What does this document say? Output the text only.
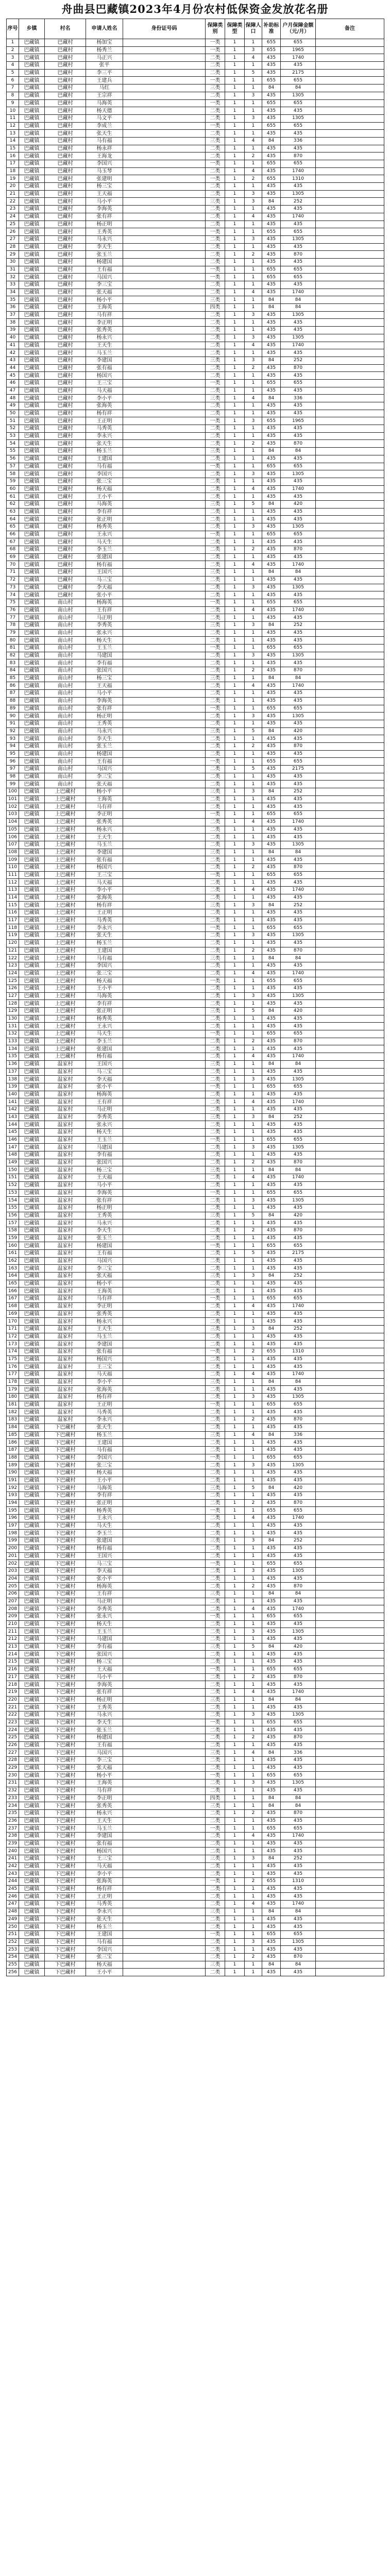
舟曲县巴藏镇2023年4月份农村低保资金发放花名册
序号	乡镇	村名	申请人姓名	身份证号码	保障类别	保障类型	保障人口	补助标准	户月保障金额（元/月）	备注
1	巴藏镇	巴藏村	杨加宝		一类	1	1	655	655	
2	巴藏镇	巴藏村	杨秀兰		一类	1	3	655	1965	
3	巴藏镇	巴藏村	马正兴		二类	1	4	435	1740	
4	巴藏镇	巴藏村	张平		二类	1	1	435	435	
5	巴藏镇	巴藏村	李三平		二类	1	5	435	2175	
6	巴藏镇	巴藏村	王建兵		一类	1	1	655	655	
7	巴藏镇	巴藏村	马红		三类	1	1	84	84	
8	巴藏镇	巴藏村	王宗祥		二类	1	3	435	1305	
9	巴藏镇	巴藏村	马海英		一类	1	1	655	655	
10	巴藏镇	巴藏村	杨天德		二类	1	1	435	435	
11	巴藏镇	巴藏村	马文平		二类	1	3	435	1305	
12	巴藏镇	巴藏村	李成兰		一类	1	1	655	655	
13	巴藏镇	巴藏村	张天生		二类	1	1	435	435	
14	巴藏镇	巴藏村	马有福		三类	1	4	84	336	
15	巴藏镇	巴藏村	杨永祥		二类	1	1	435	435	
16	巴藏镇	巴藏村	王海龙		二类	1	2	435	870	
17	巴藏镇	巴藏村	李国兴		一类	1	1	655	655	
18	巴藏镇	巴藏村	马玉琴		二类	1	4	435	1740	
19	巴藏镇	巴藏村	张建明		一类	1	2	655	1310	
20	巴藏镇	巴藏村	杨三宝		二类	1	1	435	435	
21	巴藏镇	巴藏村	王天福		二类	1	3	435	1305	
22	巴藏镇	巴藏村	马小平		三类	1	3	84	252	
23	巴藏镇	巴藏村	李海英		二类	1	1	435	435	
24	巴藏镇	巴藏村	张有祥		二类	1	4	435	1740	
25	巴藏镇	巴藏村	杨正明		二类	1	1	435	435	
26	巴藏镇	巴藏村	王秀英		一类	1	1	655	655	
27	巴藏镇	巴藏村	马永兴		二类	1	3	435	1305	
28	巴藏镇	巴藏村	李天生		二类	1	1	435	435	
29	巴藏镇	巴藏村	张玉兰		二类	1	2	435	870	
30	巴藏镇	巴藏村	杨建国		二类	1	1	435	435	
31	巴藏镇	巴藏村	王有福		一类	1	1	655	655	
32	巴藏镇	巴藏村	马国兴		一类	1	1	655	655	
33	巴藏镇	巴藏村	李三宝		二类	1	1	435	435	
34	巴藏镇	巴藏村	张天福		二类	1	4	435	1740	
35	巴藏镇	巴藏村	杨小平		三类	1	1	84	84	
36	巴藏镇	巴藏村	王海英		四类	1	1	84	84	
37	巴藏镇	巴藏村	马有祥		二类	1	3	435	1305	
38	巴藏镇	巴藏村	李正明		二类	1	1	435	435	
39	巴藏镇	巴藏村	张秀英		二类	1	1	435	435	
40	巴藏镇	巴藏村	杨永兴		二类	1	3	435	1305	
41	巴藏镇	巴藏村	王天生		二类	1	4	435	1740	
42	巴藏镇	巴藏村	马玉兰		二类	1	1	435	435	
43	巴藏镇	巴藏村	李建国		三类	1	3	84	252	
44	巴藏镇	巴藏村	张有福		二类	1	2	435	870	
45	巴藏镇	巴藏村	杨国兴		二类	1	1	435	435	
46	巴藏镇	巴藏村	王三宝		一类	1	1	655	655	
47	巴藏镇	巴藏村	马天福		二类	1	1	435	435	
48	巴藏镇	巴藏村	李小平		三类	1	4	84	336	
49	巴藏镇	巴藏村	张海英		二类	1	1	435	435	
50	巴藏镇	巴藏村	杨有祥		二类	1	1	435	435	
51	巴藏镇	巴藏村	王正明		一类	1	3	655	1965	
52	巴藏镇	巴藏村	马秀英		二类	1	1	435	435	
53	巴藏镇	巴藏村	李永兴		二类	1	1	435	435	
54	巴藏镇	巴藏村	张天生		二类	1	2	435	870	
55	巴藏镇	巴藏村	杨玉兰		三类	1	1	84	84	
56	巴藏镇	巴藏村	王建国		二类	1	1	435	435	
57	巴藏镇	巴藏村	马有福		一类	1	1	655	655	
58	巴藏镇	巴藏村	李国兴		二类	1	3	435	1305	
59	巴藏镇	巴藏村	张三宝		二类	1	1	435	435	
60	巴藏镇	巴藏村	杨天福		二类	1	4	435	1740	
61	巴藏镇	巴藏村	王小平		二类	1	1	435	435	
62	巴藏镇	巴藏村	马海英		三类	1	5	84	420	
63	巴藏镇	巴藏村	李有祥		二类	1	1	435	435	
64	巴藏镇	巴藏村	张正明		二类	1	1	435	435	
65	巴藏镇	巴藏村	杨秀英		二类	1	3	435	1305	
66	巴藏镇	巴藏村	王永兴		一类	1	1	655	655	
67	巴藏镇	巴藏村	马天生		二类	1	1	435	435	
68	巴藏镇	巴藏村	李玉兰		二类	1	2	435	870	
69	巴藏镇	巴藏村	张建国		二类	1	1	435	435	
70	巴藏镇	巴藏村	杨有福		二类	1	4	435	1740	
71	巴藏镇	巴藏村	王国兴		三类	1	1	84	84	
72	巴藏镇	巴藏村	马三宝		二类	1	1	435	435	
73	巴藏镇	巴藏村	李天福		二类	1	3	435	1305	
74	巴藏镇	巴藏村	张小平		二类	1	1	435	435	
75	巴藏镇	南山村	杨海英		一类	1	1	655	655	
76	巴藏镇	南山村	王有祥		二类	1	4	435	1740	
77	巴藏镇	南山村	马正明		二类	1	1	435	435	
78	巴藏镇	南山村	李秀英		三类	1	3	84	252	
79	巴藏镇	南山村	张永兴		二类	1	1	435	435	
80	巴藏镇	南山村	杨天生		二类	1	1	435	435	
81	巴藏镇	南山村	王玉兰		一类	1	1	655	655	
82	巴藏镇	南山村	马建国		二类	1	3	435	1305	
83	巴藏镇	南山村	李有福		二类	1	1	435	435	
84	巴藏镇	南山村	张国兴		二类	1	2	435	870	
85	巴藏镇	南山村	杨三宝		三类	1	1	84	84	
86	巴藏镇	南山村	王天福		二类	1	4	435	1740	
87	巴藏镇	南山村	马小平		二类	1	1	435	435	
88	巴藏镇	南山村	李海英		二类	1	1	435	435	
89	巴藏镇	南山村	张有祥		一类	1	1	655	655	
90	巴藏镇	南山村	杨正明		二类	1	3	435	1305	
91	巴藏镇	南山村	王秀英		二类	1	1	435	435	
92	巴藏镇	南山村	马永兴		三类	1	5	84	420	
93	巴藏镇	南山村	李天生		二类	1	1	435	435	
94	巴藏镇	南山村	张玉兰		二类	1	2	435	870	
95	巴藏镇	南山村	杨建国		二类	1	1	435	435	
96	巴藏镇	南山村	王有福		一类	1	1	655	655	
97	巴藏镇	南山村	马国兴		二类	1	5	435	2175	
98	巴藏镇	南山村	李三宝		二类	1	1	435	435	
99	巴藏镇	南山村	张天福		二类	1	1	435	435	
100	巴藏镇	上巴藏村	杨小平		三类	1	3	84	252	
101	巴藏镇	上巴藏村	王海英		二类	1	1	435	435	
102	巴藏镇	上巴藏村	马有祥		二类	1	1	435	435	
103	巴藏镇	上巴藏村	李正明		一类	1	1	655	655	
104	巴藏镇	上巴藏村	张秀英		二类	1	4	435	1740	
105	巴藏镇	上巴藏村	杨永兴		二类	1	1	435	435	
106	巴藏镇	上巴藏村	王天生		二类	1	1	435	435	
107	巴藏镇	上巴藏村	马玉兰		二类	1	3	435	1305	
108	巴藏镇	上巴藏村	李建国		三类	1	1	84	84	
109	巴藏镇	上巴藏村	张有福		二类	1	1	435	435	
110	巴藏镇	上巴藏村	杨国兴		二类	1	2	435	870	
111	巴藏镇	上巴藏村	王三宝		一类	1	1	655	655	
112	巴藏镇	上巴藏村	马天福		二类	1	1	435	435	
113	巴藏镇	上巴藏村	李小平		二类	1	4	435	1740	
114	巴藏镇	上巴藏村	张海英		二类	1	1	435	435	
115	巴藏镇	上巴藏村	杨有祥		三类	1	3	84	252	
116	巴藏镇	上巴藏村	王正明		二类	1	1	435	435	
117	巴藏镇	上巴藏村	马秀英		二类	1	1	435	435	
118	巴藏镇	上巴藏村	李永兴		一类	1	1	655	655	
119	巴藏镇	上巴藏村	张天生		二类	1	3	435	1305	
120	巴藏镇	上巴藏村	杨玉兰		二类	1	1	435	435	
121	巴藏镇	上巴藏村	王建国		二类	1	2	435	870	
122	巴藏镇	上巴藏村	马有福		三类	1	1	84	84	
123	巴藏镇	上巴藏村	李国兴		二类	1	1	435	435	
124	巴藏镇	上巴藏村	张三宝		二类	1	4	435	1740	
125	巴藏镇	上巴藏村	杨天福		一类	1	1	655	655	
126	巴藏镇	上巴藏村	王小平		二类	1	1	435	435	
127	巴藏镇	上巴藏村	马海英		二类	1	3	435	1305	
128	巴藏镇	上巴藏村	李有祥		二类	1	1	435	435	
129	巴藏镇	上巴藏村	张正明		三类	1	5	84	420	
130	巴藏镇	上巴藏村	杨秀英		二类	1	1	435	435	
131	巴藏镇	上巴藏村	王永兴		二类	1	1	435	435	
132	巴藏镇	上巴藏村	马天生		一类	1	1	655	655	
133	巴藏镇	上巴藏村	李玉兰		二类	1	2	435	870	
134	巴藏镇	上巴藏村	张建国		二类	1	1	435	435	
135	巴藏镇	上巴藏村	杨有福		二类	1	4	435	1740	
136	巴藏镇	温家村	王国兴		三类	1	1	84	84	
137	巴藏镇	温家村	马三宝		二类	1	1	435	435	
138	巴藏镇	温家村	李天福		二类	1	3	435	1305	
139	巴藏镇	温家村	张小平		一类	1	1	655	655	
140	巴藏镇	温家村	杨海英		二类	1	1	435	435	
141	巴藏镇	温家村	王有祥		二类	1	4	435	1740	
142	巴藏镇	温家村	马正明		二类	1	1	435	435	
143	巴藏镇	温家村	李秀英		三类	1	3	84	252	
144	巴藏镇	温家村	张永兴		二类	1	1	435	435	
145	巴藏镇	温家村	杨天生		二类	1	1	435	435	
146	巴藏镇	温家村	王玉兰		一类	1	1	655	655	
147	巴藏镇	温家村	马建国		二类	1	3	435	1305	
148	巴藏镇	温家村	李有福		二类	1	1	435	435	
149	巴藏镇	温家村	张国兴		二类	1	2	435	870	
150	巴藏镇	温家村	杨三宝		三类	1	1	84	84	
151	巴藏镇	温家村	王天福		二类	1	4	435	1740	
152	巴藏镇	温家村	马小平		二类	1	1	435	435	
153	巴藏镇	温家村	李海英		一类	1	1	655	655	
154	巴藏镇	温家村	张有祥		二类	1	3	435	1305	
155	巴藏镇	温家村	杨正明		二类	1	1	435	435	
156	巴藏镇	温家村	王秀英		三类	1	5	84	420	
157	巴藏镇	温家村	马永兴		二类	1	1	435	435	
158	巴藏镇	温家村	李天生		二类	1	2	435	870	
159	巴藏镇	温家村	张玉兰		二类	1	1	435	435	
160	巴藏镇	温家村	杨建国		一类	1	1	655	655	
161	巴藏镇	温家村	王有福		二类	1	5	435	2175	
162	巴藏镇	温家村	马国兴		二类	1	1	435	435	
163	巴藏镇	温家村	李三宝		二类	1	1	435	435	
164	巴藏镇	温家村	张天福		三类	1	3	84	252	
165	巴藏镇	温家村	杨小平		二类	1	1	435	435	
166	巴藏镇	温家村	王海英		二类	1	1	435	435	
167	巴藏镇	温家村	马有祥		一类	1	1	655	655	
168	巴藏镇	温家村	李正明		二类	1	4	435	1740	
169	巴藏镇	温家村	张秀英		二类	1	1	435	435	
170	巴藏镇	温家村	杨永兴		二类	1	1	435	435	
171	巴藏镇	温家村	王天生		三类	1	3	84	252	
172	巴藏镇	温家村	马玉兰		二类	1	1	435	435	
173	巴藏镇	温家村	李建国		二类	1	1	435	435	
174	巴藏镇	温家村	张有福		一类	1	2	655	1310	
175	巴藏镇	温家村	杨国兴		二类	1	1	435	435	
176	巴藏镇	温家村	王三宝		二类	1	1	435	435	
177	巴藏镇	温家村	马天福		二类	1	4	435	1740	
178	巴藏镇	温家村	李小平		三类	1	1	84	84	
179	巴藏镇	温家村	张海英		二类	1	1	435	435	
180	巴藏镇	温家村	杨有祥		二类	1	3	435	1305	
181	巴藏镇	温家村	王正明		一类	1	1	655	655	
182	巴藏镇	温家村	马秀英		二类	1	1	435	435	
183	巴藏镇	温家村	李永兴		二类	1	2	435	870	
184	巴藏镇	下巴藏村	张天生		二类	1	1	435	435	
185	巴藏镇	下巴藏村	杨玉兰		三类	1	4	84	336	
186	巴藏镇	下巴藏村	王建国		二类	1	1	435	435	
187	巴藏镇	下巴藏村	马有福		二类	1	1	435	435	
188	巴藏镇	下巴藏村	李国兴		一类	1	1	655	655	
189	巴藏镇	下巴藏村	张三宝		二类	1	3	435	1305	
190	巴藏镇	下巴藏村	杨天福		二类	1	1	435	435	
191	巴藏镇	下巴藏村	王小平		二类	1	1	435	435	
192	巴藏镇	下巴藏村	马海英		三类	1	5	84	420	
193	巴藏镇	下巴藏村	李有祥		二类	1	1	435	435	
194	巴藏镇	下巴藏村	张正明		二类	1	2	435	870	
195	巴藏镇	下巴藏村	杨秀英		一类	1	1	655	655	
196	巴藏镇	下巴藏村	王永兴		二类	1	4	435	1740	
197	巴藏镇	下巴藏村	马天生		二类	1	1	435	435	
198	巴藏镇	下巴藏村	李玉兰		二类	1	1	435	435	
199	巴藏镇	下巴藏村	张建国		三类	1	3	84	252	
200	巴藏镇	下巴藏村	杨有福		二类	1	1	435	435	
201	巴藏镇	下巴藏村	王国兴		二类	1	1	435	435	
202	巴藏镇	下巴藏村	马三宝		一类	1	1	655	655	
203	巴藏镇	下巴藏村	李天福		二类	1	3	435	1305	
204	巴藏镇	下巴藏村	张小平		二类	1	1	435	435	
205	巴藏镇	下巴藏村	杨海英		二类	1	2	435	870	
206	巴藏镇	下巴藏村	王有祥		三类	1	1	84	84	
207	巴藏镇	下巴藏村	马正明		二类	1	1	435	435	
208	巴藏镇	下巴藏村	李秀英		二类	1	4	435	1740	
209	巴藏镇	下巴藏村	张永兴		一类	1	1	655	655	
210	巴藏镇	下巴藏村	杨天生		二类	1	1	435	435	
211	巴藏镇	下巴藏村	王玉兰		二类	1	3	435	1305	
212	巴藏镇	下巴藏村	马建国		二类	1	1	435	435	
213	巴藏镇	下巴藏村	李有福		三类	1	5	84	420	
214	巴藏镇	下巴藏村	张国兴		二类	1	1	435	435	
215	巴藏镇	下巴藏村	杨三宝		二类	1	1	435	435	
216	巴藏镇	下巴藏村	王天福		一类	1	1	655	655	
217	巴藏镇	下巴藏村	马小平		二类	1	2	435	870	
218	巴藏镇	下巴藏村	李海英		二类	1	1	435	435	
219	巴藏镇	下巴藏村	张有祥		二类	1	4	435	1740	
220	巴藏镇	下巴藏村	杨正明		三类	1	1	84	84	
221	巴藏镇	下巴藏村	王秀英		二类	1	1	435	435	
222	巴藏镇	下巴藏村	马永兴		二类	1	3	435	1305	
223	巴藏镇	下巴藏村	李天生		一类	1	1	655	655	
224	巴藏镇	下巴藏村	张玉兰		二类	1	1	435	435	
225	巴藏镇	下巴藏村	杨建国		二类	1	2	435	870	
226	巴藏镇	下巴藏村	王有福		二类	1	1	435	435	
227	巴藏镇	下巴藏村	马国兴		三类	1	4	84	336	
228	巴藏镇	下巴藏村	李三宝		二类	1	1	435	435	
229	巴藏镇	下巴藏村	张天福		二类	1	1	435	435	
230	巴藏镇	下巴藏村	杨小平		一类	1	1	655	655	
231	巴藏镇	下巴藏村	王海英		二类	1	3	435	1305	
232	巴藏镇	下巴藏村	马有祥		二类	1	1	435	435	
233	巴藏镇	下巴藏村	李正明		四类	1	1	84	84	
234	巴藏镇	下巴藏村	张秀英		三类	1	1	84	84	
235	巴藏镇	下巴藏村	杨永兴		二类	1	2	435	870	
236	巴藏镇	下巴藏村	王天生		二类	1	1	435	435	
237	巴藏镇	下巴藏村	马玉兰		一类	1	1	655	655	
238	巴藏镇	下巴藏村	李建国		二类	1	4	435	1740	
239	巴藏镇	下巴藏村	张有福		二类	1	1	435	435	
240	巴藏镇	下巴藏村	杨国兴		二类	1	1	435	435	
241	巴藏镇	下巴藏村	王三宝		三类	1	3	84	252	
242	巴藏镇	下巴藏村	马天福		二类	1	1	435	435	
243	巴藏镇	下巴藏村	李小平		二类	1	1	435	435	
244	巴藏镇	下巴藏村	张海英		一类	1	2	655	1310	
245	巴藏镇	下巴藏村	杨有祥		二类	1	1	435	435	
246	巴藏镇	下巴藏村	王正明		二类	1	1	435	435	
247	巴藏镇	下巴藏村	马秀英		二类	1	4	435	1740	
248	巴藏镇	下巴藏村	李永兴		三类	1	1	84	84	
249	巴藏镇	下巴藏村	张天生		二类	1	1	435	435	
250	巴藏镇	下巴藏村	杨玉兰		二类	1	1	435	435	
251	巴藏镇	下巴藏村	王建国		一类	1	1	655	655	
252	巴藏镇	下巴藏村	马有福		二类	1	3	435	1305	
253	巴藏镇	下巴藏村	李国兴		二类	1	1	435	435	
254	巴藏镇	下巴藏村	张三宝		二类	1	2	435	870	
255	巴藏镇	下巴藏村	杨天福		三类	1	1	84	84	
256	巴藏镇	下巴藏村	王小平		二类	1	1	435	435	
